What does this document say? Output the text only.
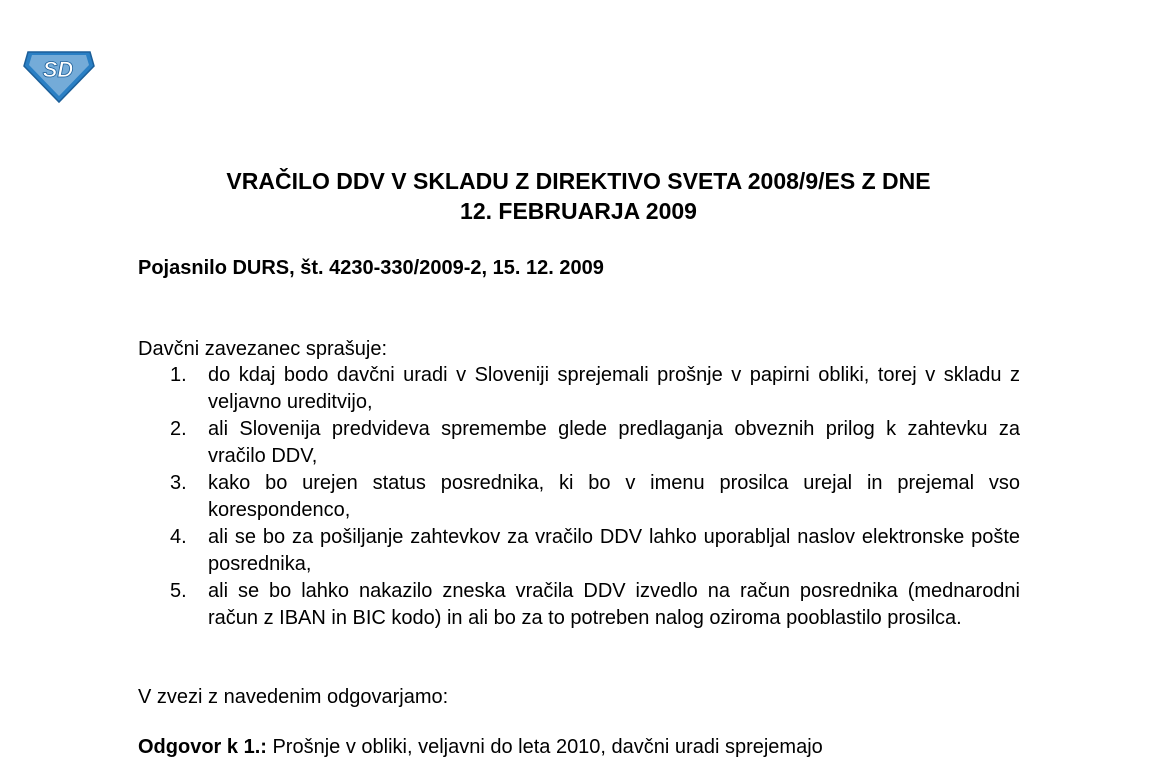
SD
VRAČILO DDV V SKLADU Z DIREKTIVO SVETA 2008/9/ES Z DNE
12. FEBRUARJA 2009
Pojasnilo DURS, št. 4230-330/2009-2, 15. 12. 2009
Davčni zavezanec sprašuje:
1. do kdaj bodo davčni uradi v Sloveniji sprejemali prošnje v papirni obliki, torej v skladu z veljavno ureditvijo,
2. ali Slovenija predvideva spremembe glede predlaganja obveznih prilog k zahtevku za vračilo DDV,
3. kako bo urejen status posrednika, ki bo v imenu prosilca urejal in prejemal vso korespondenco,
4. ali se bo za pošiljanje zahtevkov za vračilo DDV lahko uporabljal naslov elektronske pošte posrednika,
5. ali se bo lahko nakazilo zneska vračila DDV izvedlo na račun posrednika (mednarodni račun z IBAN in BIC kodo) in ali bo za to potreben nalog oziroma pooblastilo prosilca.
V zvezi z navedenim odgovarjamo:
Odgovor k 1.: Prošnje v obliki, veljavni do leta 2010, davčni uradi sprejemajo
